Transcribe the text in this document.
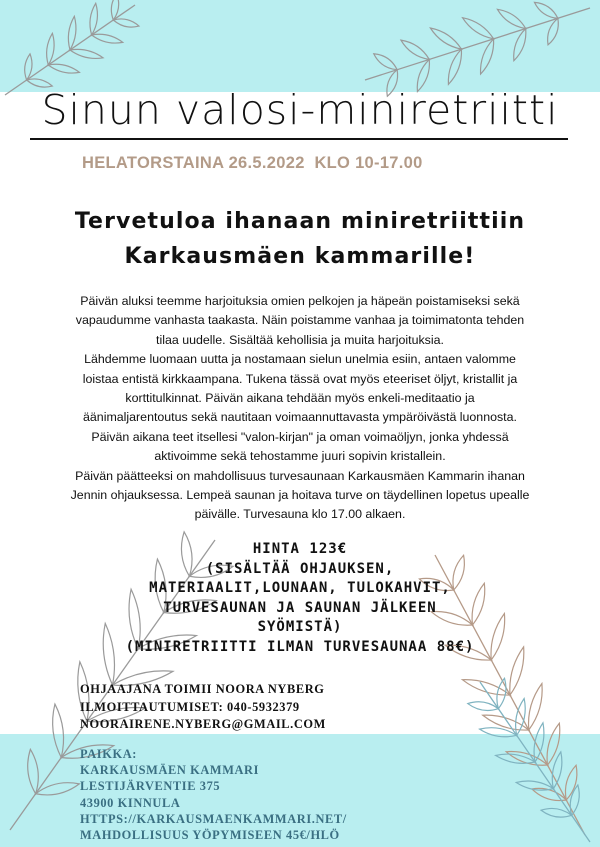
Sinun valosi-miniretriitti
HELATORSTAINA 26.5.2022  KLO 10-17.00
Tervetuloa ihanaan miniretriittiin
Karkausmäen kammarille!
Päivän aluksi teemme harjoituksia omien pelkojen ja häpeän poistamiseksi sekä
vapaudumme vanhasta taakasta. Näin poistamme vanhaa ja toimimatonta tehden
tilaa uudelle. Sisältää kehollisia ja muita harjoituksia.
Lähdemme luomaan uutta ja nostamaan sielun unelmia esiin, antaen valomme
loistaa entistä kirkkaampana. Tukena tässä ovat myös eteeriset öljyt, kristallit ja
korttitulkinnat. Päivän aikana tehdään myös enkeli-meditaatio ja
äänimaljarentoutus sekä nautitaan voimaannuttavasta ympäröivästä luonnosta.
Päivän aikana teet itsellesi "valon-kirjan" ja oman voimaöljyn, jonka yhdessä
aktivoimme sekä tehostamme juuri sopivin kristallein.
Päivän päätteeksi on mahdollisuus turvesaunaan Karkausmäen Kammarin ihanan
Jennin ohjauksessa. Lempeä saunan ja hoitava turve on täydellinen lopetus upealle
päivälle. Turvesauna klo 17.00 alkaen.
HINTA 123€
(SISÄLTÄÄ OHJAUKSEN,
MATERIAALIT,LOUNAAN, TULOKAHVIT,
TURVESAUNAN JA SAUNAN JÄLKEEN
SYÖMISTÄ)
(MINIRETRIITTI ILMAN TURVESAUNAA 88€)
OHJAAJANA TOIMII NOORA NYBERG
ILMOITTAUTUMISET: 040-5932379
NOORAIRENE.NYBERG@GMAIL.COM
PAIKKA:
KARKAUSMÄEN KAMMARI
LESTIJÄRVENTIE 375
43900 KINNULA
HTTPS://KARKAUSMAENKAMMARI.NET/
MAHDOLLISUUS YÖPYMISEEN 45€/HLÖ
